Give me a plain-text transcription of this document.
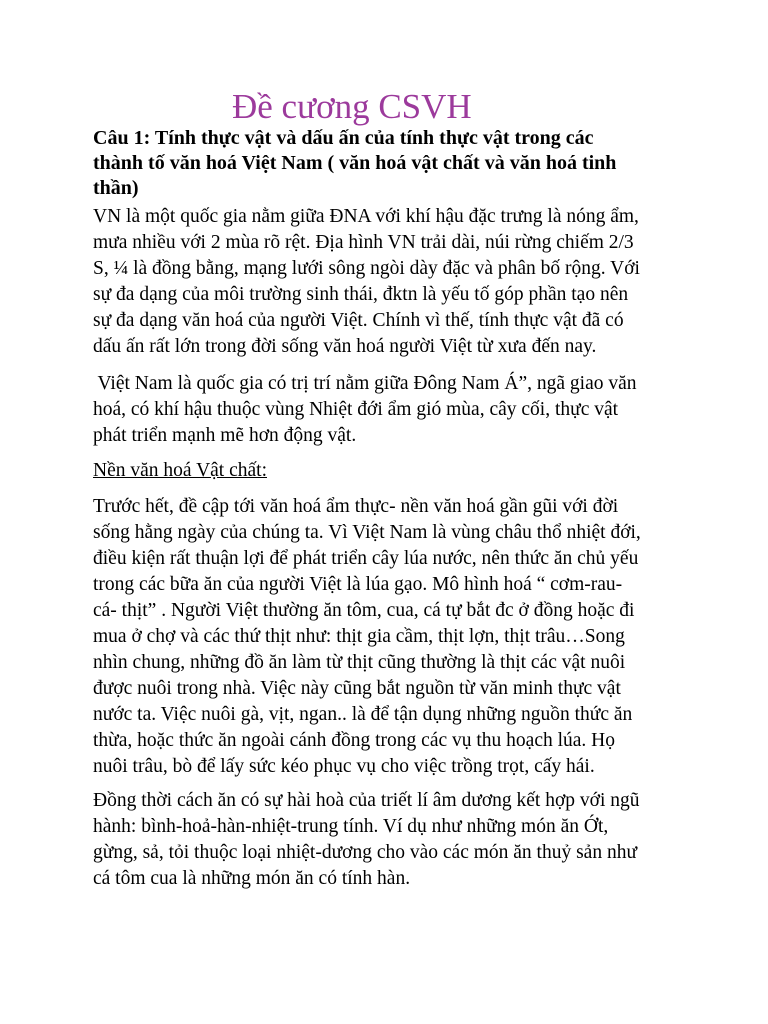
Đề cương CSVH
Câu 1: Tính thực vật và dấu ấn của tính thực vật trong các
thành tố văn hoá Việt Nam ( văn hoá vật chất và văn hoá tinh
thần)
VN là một quốc gia nằm giữa ĐNA với khí hậu đặc trưng là nóng ẩm,
mưa nhiều với 2 mùa rõ rệt. Địa hình VN trải dài, núi rừng chiếm 2/3
S, ¼ là đồng bằng, mạng lưới sông ngòi dày đặc và phân bố rộng. Với
sự đa dạng của môi trường sinh thái, đktn là yếu tố góp phần tạo nên
sự đa dạng văn hoá của người Việt. Chính vì thế, tính thực vật đã có
dấu ấn rất lớn trong đời sống văn hoá người Việt từ xưa đến nay.
Việt Nam là quốc gia có trị trí nằm giữa Đông Nam Á”, ngã giao văn
hoá, có khí hậu thuộc vùng Nhiệt đới ẩm gió mùa, cây cối, thực vật
phát triển mạnh mẽ hơn động vật.
Nền văn hoá Vật chất:
Trước hết, đề cập tới văn hoá ẩm thực- nền văn hoá gần gũi với đời
sống hằng ngày của chúng ta. Vì Việt Nam là vùng châu thổ nhiệt đới,
điều kiện rất thuận lợi để phát triển cây lúa nước, nên thức ăn chủ yếu
trong các bữa ăn của người Việt là lúa gạo. Mô hình hoá “ cơm-rau-
cá- thịt” . Người Việt thường ăn tôm, cua, cá tự bắt đc ở đồng hoặc đi
mua ở chợ và các thứ thịt như: thịt gia cầm, thịt lợn, thịt trâu…Song
nhìn chung, những đồ ăn làm từ thịt cũng thường là thịt các vật nuôi
được nuôi trong nhà. Việc này cũng bắt nguồn từ văn minh thực vật
nước ta. Việc nuôi gà, vịt, ngan.. là để tận dụng những nguồn thức ăn
thừa, hoặc thức ăn ngoài cánh đồng trong các vụ thu hoạch lúa. Họ
nuôi trâu, bò để lấy sức kéo phục vụ cho việc trồng trọt, cấy hái.
Đồng thời cách ăn có sự hài hoà của triết lí âm dương kết hợp với ngũ
hành: bình-hoả-hàn-nhiệt-trung tính. Ví dụ như những món ăn Ớt,
gừng, sả, tỏi thuộc loại nhiệt-dương cho vào các món ăn thuỷ sản như
cá tôm cua là những món ăn có tính hàn.
